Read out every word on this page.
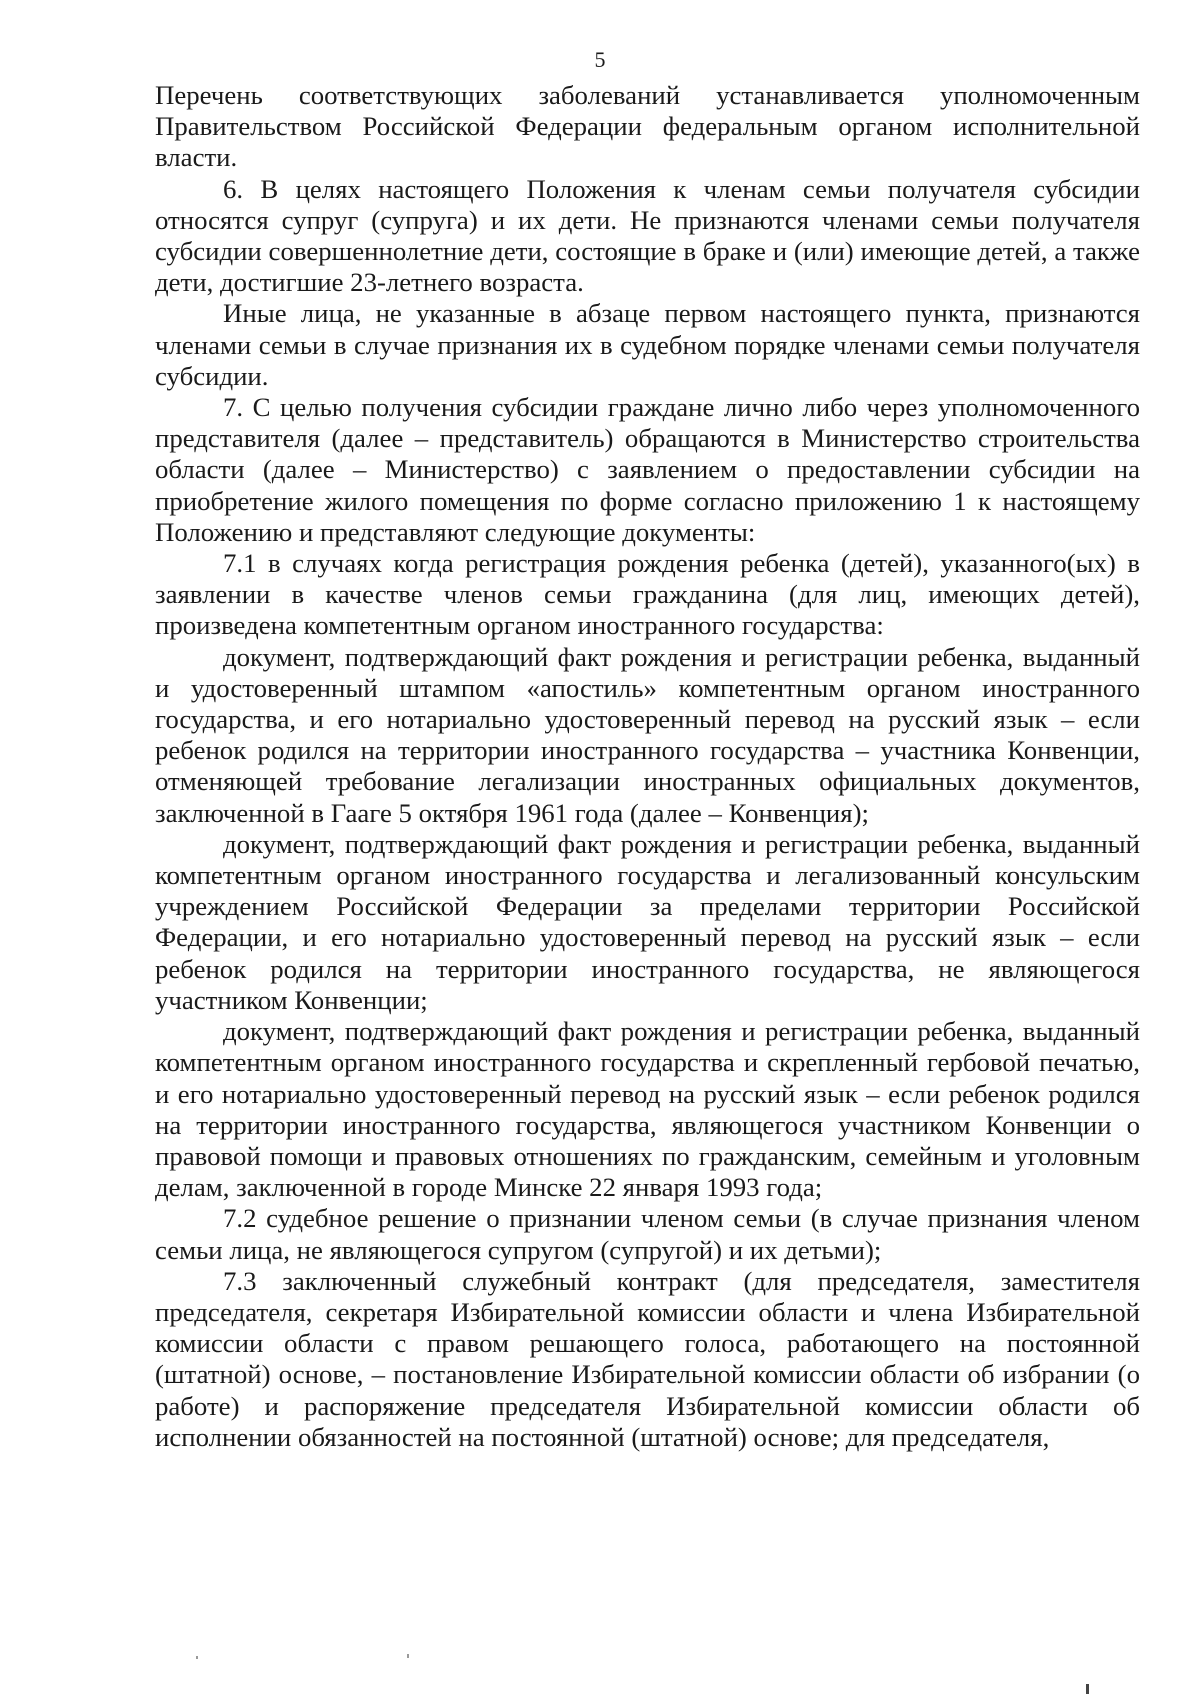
5

Перечень соответствующих заболеваний устанавливается уполномоченным Правительством Российской Федерации федеральным органом исполнительной власти.

6. В целях настоящего Положения к членам семьи получателя субсидии относятся супруг (супруга) и их дети. Не признаются членами семьи получателя субсидии совершеннолетние дети, состоящие в браке и (или) имеющие детей, а также дети, достигшие 23-летнего возраста.

Иные лица, не указанные в абзаце первом настоящего пункта, признаются членами семьи в случае признания их в судебном порядке членами семьи получателя субсидии.

7. С целью получения субсидии граждане лично либо через уполномоченного представителя (далее – представитель) обращаются в Министерство строительства области (далее – Министерство) с заявлением о предоставлении субсидии на приобретение жилого помещения по форме согласно приложению 1 к настоящему Положению и представляют следующие документы:

7.1 в случаях когда регистрация рождения ребенка (детей), указанного(ых) в заявлении в качестве членов семьи гражданина (для лиц, имеющих детей), произведена компетентным органом иностранного государства:

документ, подтверждающий факт рождения и регистрации ребенка, выданный и удостоверенный штампом «апостиль» компетентным органом иностранного государства, и его нотариально удостоверенный перевод на русский язык – если ребенок родился на территории иностранного государства – участника Конвенции, отменяющей требование легализации иностранных официальных документов, заключенной в Гааге 5 октября 1961 года (далее – Конвенция);

документ, подтверждающий факт рождения и регистрации ребенка, выданный компетентным органом иностранного государства и легализованный консульским учреждением Российской Федерации за пределами территории Российской Федерации, и его нотариально удостоверенный перевод на русский язык – если ребенок родился на территории иностранного государства, не являющегося участником Конвенции;

документ, подтверждающий факт рождения и регистрации ребенка, выданный компетентным органом иностранного государства и скрепленный гербовой печатью, и его нотариально удостоверенный перевод на русский язык – если ребенок родился на территории иностранного государства, являющегося участником Конвенции о правовой помощи и правовых отношениях по гражданским, семейным и уголовным делам, заключенной в городе Минске 22 января 1993 года;

7.2 судебное решение о признании членом семьи (в случае признания членом семьи лица, не являющегося супругом (супругой) и их детьми);

7.3 заключенный служебный контракт (для председателя, заместителя председателя, секретаря Избирательной комиссии области и члена Избирательной комиссии области с правом решающего голоса, работающего на постоянной (штатной) основе, – постановление Избирательной комиссии области об избрании (о работе) и распоряжение председателя Избирательной комиссии области об исполнении обязанностей на постоянной (штатной) основе; для председателя,
